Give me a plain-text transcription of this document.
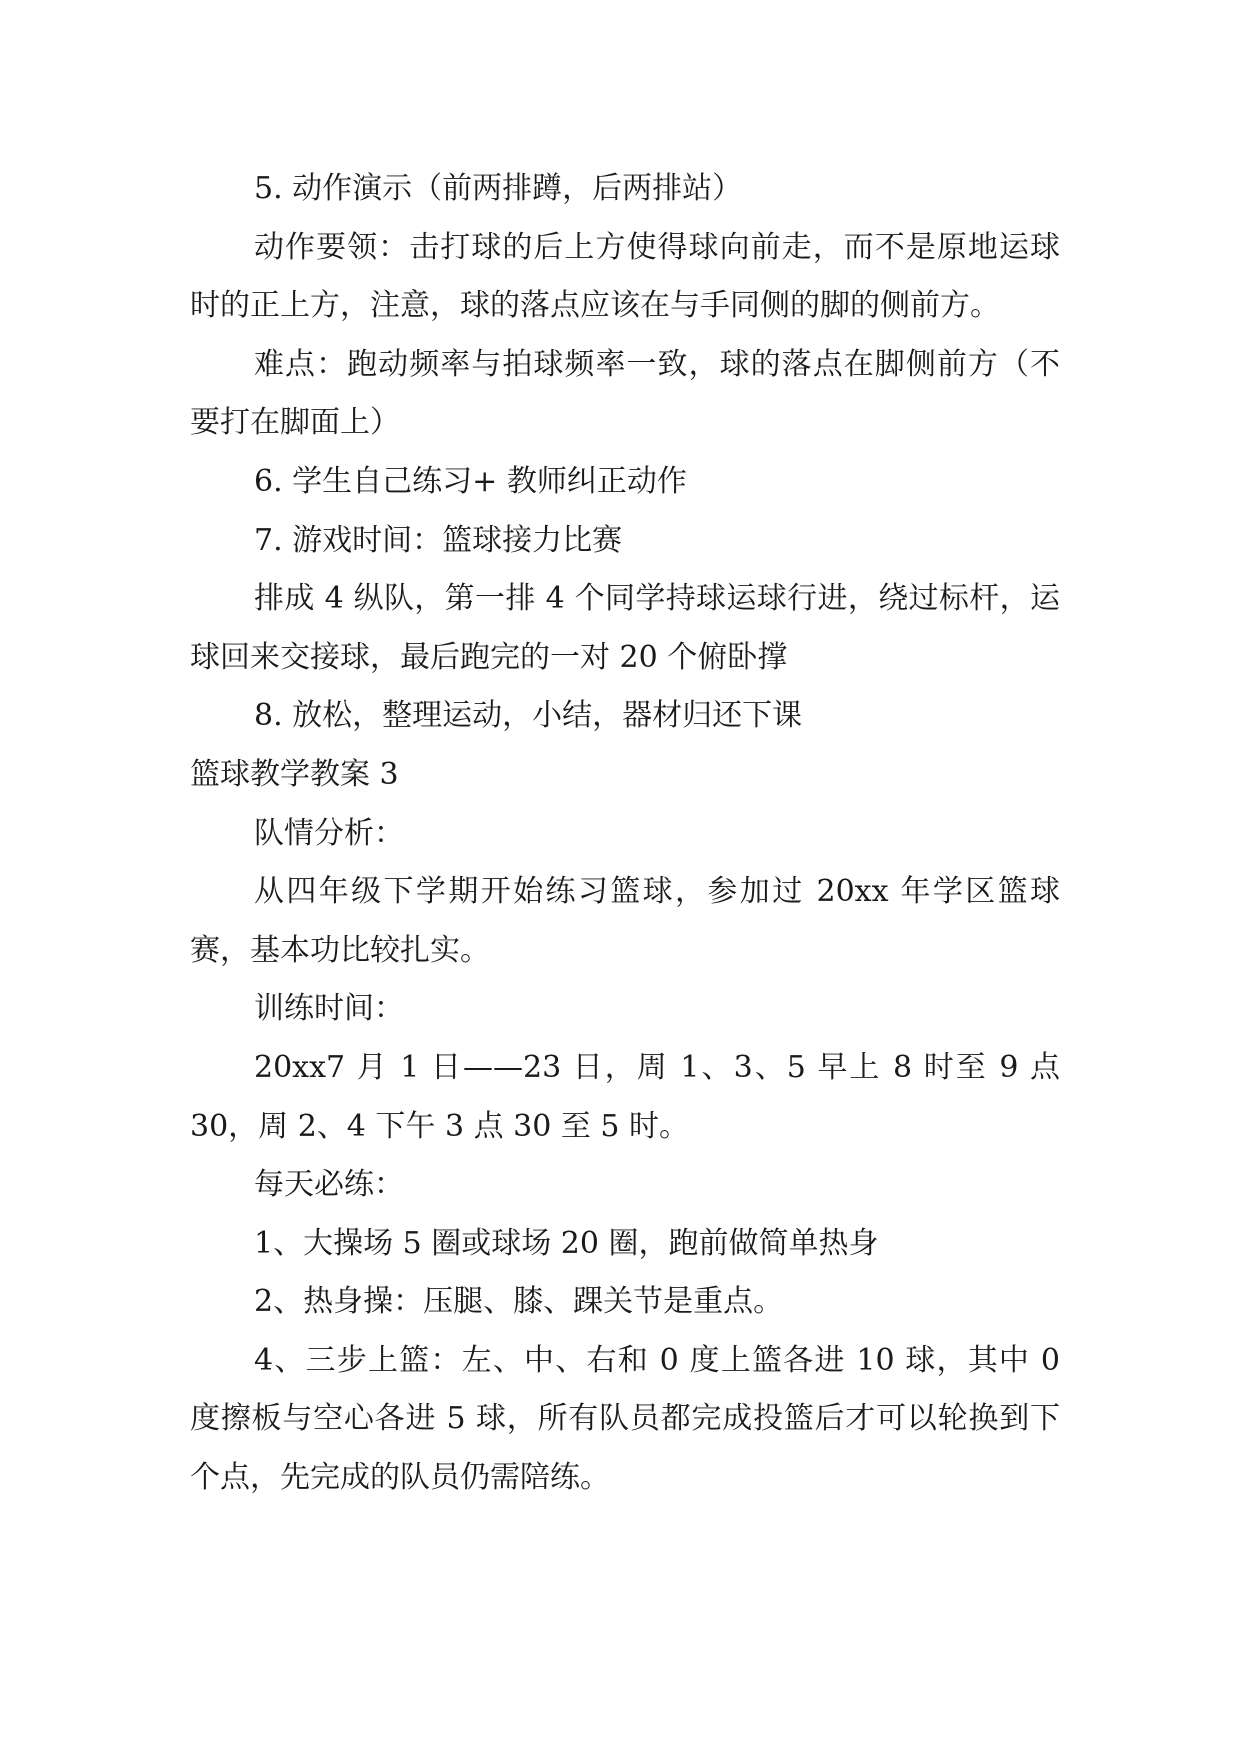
5. 动作演示（前两排蹲，后两排站）

动作要领：击打球的后上方使得球向前走，而不是原地运球时的正上方，注意，球的落点应该在与手同侧的脚的侧前方。

难点：跑动频率与拍球频率一致，球的落点在脚侧前方（不要打在脚面上）

6. 学生自己练习+ 教师纠正动作

7. 游戏时间：篮球接力比赛

排成 4 纵队，第一排 4 个同学持球运球行进，绕过标杆，运球回来交接球，最后跑完的一对 20 个俯卧撑

8. 放松，整理运动，小结，器材归还下课

篮球教学教案 3

队情分析：

从四年级下学期开始练习篮球，参加过 20xx 年学区篮球赛，基本功比较扎实。

训练时间：

20xx7 月 1 日——23 日，周 1、3、5 早上 8 时至 9 点 30，周 2、4 下午 3 点 30 至 5 时。

每天必练：

1、大操场 5 圈或球场 20 圈，跑前做简单热身

2、热身操：压腿、膝、踝关节是重点。

4、三步上篮：左、中、右和 0 度上篮各进 10 球，其中 0 度擦板与空心各进 5 球，所有队员都完成投篮后才可以轮换到下个点，先完成的队员仍需陪练。
